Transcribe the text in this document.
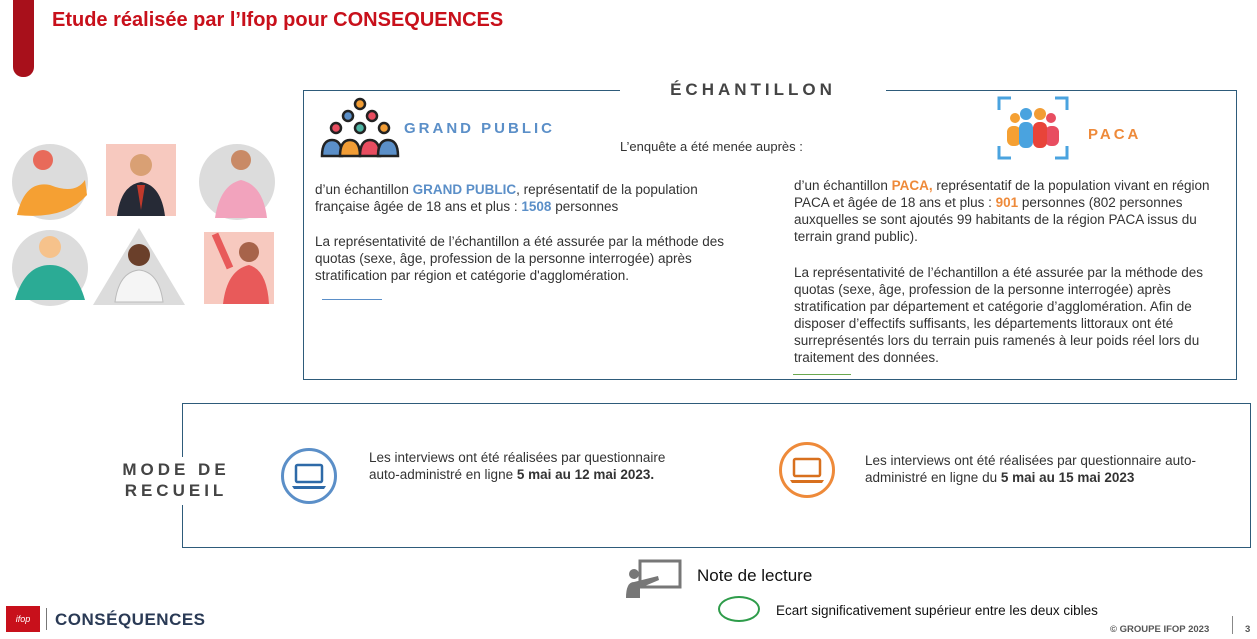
Etude réalisée par l’Ifop pour CONSEQUENCES
ÉCHANTILLON
GRAND PUBLIC	PACA
L’enquête a été menée auprès :
d’un échantillon GRAND PUBLIC, représentatif de la population française âgée de 18 ans et plus : 1508 personnes
La représentativité de l’échantillon a été assurée par la méthode des quotas (sexe, âge, profession de la personne interrogée) après stratification par région et catégorie d'agglomération.
d’un échantillon PACA, représentatif de la population vivant en région PACA et âgée de 18 ans et plus : 901 personnes (802 personnes auxquelles se sont ajoutés 99 habitants de la région PACA issus du terrain grand public).
La représentativité de l’échantillon a été assurée par la méthode des quotas (sexe, âge, profession de la personne interrogée) après stratification par département et catégorie d’agglomération. Afin de disposer d’effectifs suffisants, les départements littoraux ont été surreprésentés lors du terrain puis ramenés à leur poids réel lors du traitement des données.
MODE DE
RECUEIL
Les interviews ont été réalisées par questionnaire auto-administré en ligne 5 mai au 12 mai 2023.
Les interviews ont été réalisées par questionnaire auto-administré en ligne du 5 mai au 15 mai 2023
Note de lecture
Ecart significativement supérieur entre les deux cibles
ifop	CONSÉQUENCES
© GROUPE IFOP 2023	3
